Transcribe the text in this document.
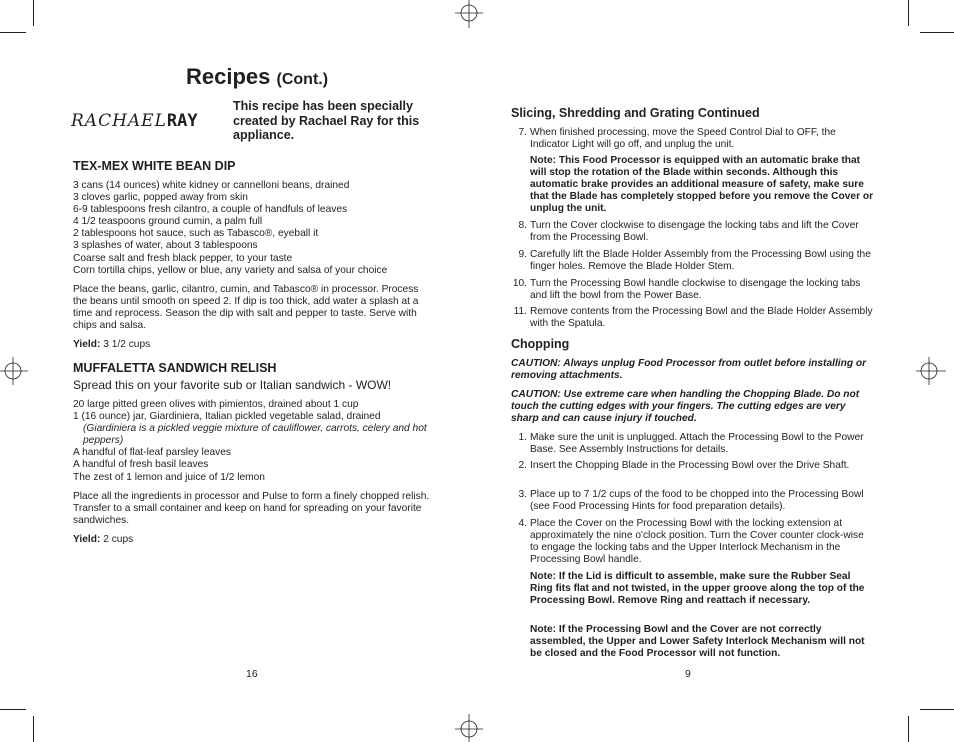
Recipes (Cont.)
RACHAELRAY
This recipe has been specially created by Rachael Ray for this appliance.
TEX-MEX WHITE BEAN DIP
3 cans (14 ounces) white kidney or cannelloni beans, drained
3 cloves garlic, popped away from skin
6-9 tablespoons fresh cilantro, a couple of handfuls of leaves
4 1/2 teaspoons ground cumin, a palm full
2 tablespoons hot sauce, such as Tabasco®, eyeball it
3 splashes of water, about 3 tablespoons
Coarse salt and fresh black pepper, to your taste
Corn tortilla chips, yellow or blue, any variety and salsa of your choice
Place the beans, garlic, cilantro, cumin, and Tabasco® in processor. Process the beans until smooth on speed 2. If dip is too thick, add water a splash at a time and reprocess. Season the dip with salt and pepper to taste. Serve with chips and salsa.
Yield: 3 1/2 cups
MUFFALETTA SANDWICH RELISH
Spread this on your favorite sub or Italian sandwich - WOW!
20 large pitted green olives with pimientos, drained about 1 cup
1 (16 ounce) jar, Giardiniera, Italian pickled vegetable salad, drained
(Giardiniera is a pickled veggie mixture of cauliflower, carrots, celery and hot peppers)
A handful of flat-leaf parsley leaves
A handful of fresh basil leaves
The zest of 1 lemon and juice of 1/2 lemon
Place all the ingredients in processor and Pulse to form a finely chopped relish. Transfer to a small container and keep on hand for spreading on your favorite sandwiches.
Yield: 2 cups
16
Slicing, Shredding and Grating Continued
7. When finished processing, move the Speed Control Dial to OFF, the Indicator Light will go off, and unplug the unit.
Note: This Food Processor is equipped with an automatic brake that will stop the rotation of the Blade within seconds. Although this automatic brake provides an additional measure of safety, make sure that the Blade has completely stopped before you remove the Cover or unplug the unit.
8. Turn the Cover clockwise to disengage the locking tabs and lift the Cover from the Processing Bowl.
9. Carefully lift the Blade Holder Assembly from the Processing Bowl using the finger holes. Remove the Blade Holder Stem.
10. Turn the Processing Bowl handle clockwise to disengage the locking tabs and lift the bowl from the Power Base.
11. Remove contents from the Processing Bowl and the Blade Holder Assembly with the Spatula.
Chopping
CAUTION: Always unplug Food Processor from outlet before installing or removing attachments.
CAUTION: Use extreme care when handling the Chopping Blade. Do not touch the cutting edges with your fingers. The cutting edges are very sharp and can cause injury if touched.
1. Make sure the unit is unplugged. Attach the Processing Bowl to the Power Base. See Assembly Instructions for details.
2. Insert the Chopping Blade in the Processing Bowl over the Drive Shaft.
3. Place up to 7 1/2 cups of the food to be chopped into the Processing Bowl (see Food Processing Hints for food preparation details).
4. Place the Cover on the Processing Bowl with the locking extension at approximately the nine o'clock position. Turn the Cover counter clock-wise to engage the locking tabs and the Upper Interlock Mechanism in the Processing Bowl handle.
Note: If the Lid is difficult to assemble, make sure the Rubber Seal Ring fits flat and not twisted, in the upper groove along the top of the Processing Bowl. Remove Ring and reattach if necessary.
Note: If the Processing Bowl and the Cover are not correctly assembled, the Upper and Lower Safety Interlock Mechanism will not be closed and the Food Processor will not function.
9
